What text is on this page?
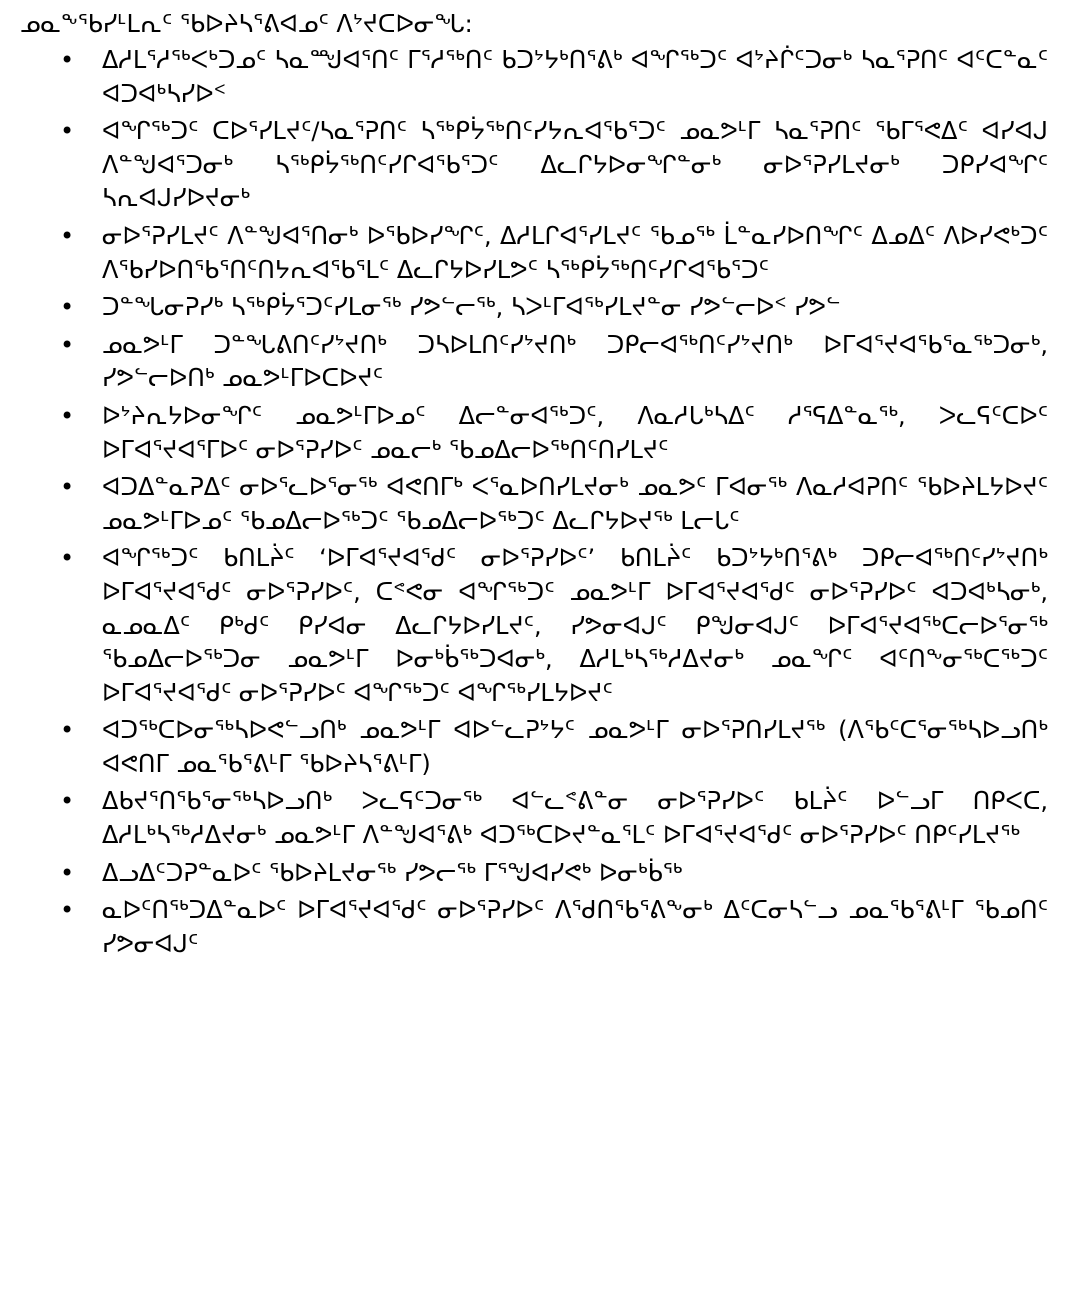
ᓄᓇᖕᖃᓯᒻᒪᕆᑦ ᖃᐅᔨᓴᕐᕕᐊᓄᑦ ᐱᔾᔪᑕᐅᓂᖓ:
• ᐃᓱᒪᕐᓱᖅᐸᒃᑐᓄᑦ ᓴᓇᙳᐊᕐᑎᑦ ᒥᕐᓱᖅᑎᑦ ᑲᑐᔾᔭᒃᑎᕐᕕᒃ ᐊᖏᖅᑐᑦ ᐊᔾᔨᒌᑦᑐᓂᒃ ᓴᓇᕐᕈᑎᑦ ᐊᑦᑕᓐᓇᑦ ᐊᑐᐊᒃᓴᓯᐅᑉ
• ᐊᖏᖅᑐᑦ ᑕᐅᕐᓯᒪᔪᑦ/ᓴᓇᕐᕈᑎᑦ ᓴᖅᑭᔮᖅᑎᑦᓯᔭᕆᐊᖃᕐᑐᑦ ᓄᓇᕗᒻᒥ ᓴᓇᕐᕈᑎᑦ ᖃᒥᕐᕙᐃᑦ ᐊᓯᐊᒍ ᐱᓐᖑᐊᕐᑐᓂᒃ ᓴᖅᑭᔮᖅᑎᑦᓯᒋᐊᖃᕐᑐᑦ ᐃᓚᒋᔭᐅᓂᖏᓐᓂᒃ ᓂᐅᕐᕈᓯᒪᔪᓂᒃ ᑐᑭᓯᐊᖏᑦ ᓴᕆᐊᒍᓯᐅᔪᓂᒃ
• ᓂᐅᕐᕈᓯᒪᔪᑦ ᐱᓐᖑᐊᕐᑎᓂᒃ ᐅᖃᐅᓯᖏᑦ, ᐃᓱᒪᒋᐊᕐᓯᒪᔪᑦ ᖃᓄᖅ ᒫᓐᓇᓯᐅᑎᖏᑦ ᐃᓄᐃᑦ ᐱᐅᓯᕙᒃᑐᑦ ᐱᖃᓯᐅᑎᖃᕐᑎᑦᑎᔭᕆᐊᖃᕐᒪᑦ ᐃᓚᒋᔭᐅᓯᒪᕗᑦ ᓴᖅᑭᔮᖅᑎᑦᓯᒋᐊᖃᕐᑐᑦ
• ᑐᓐᖓᓂᕈᓯᒃ ᓴᖅᑭᔮᕐᑐᑦᓯᒪᓂᖅ ᓯᕗᓪᓕᖅ, ᓴᐳᒻᒥᐊᖅᓯᒪᔪᓐᓂ ᓯᕗᓪᓕᐅᑉ ᓯᕗᓪ
• ᓄᓇᕗᒻᒥ ᑐᓐᖓᕕᑎᑦᓯᔾᔪᑎᒃ ᑐᓴᐅᒪᑎᑦᓯᔾᔪᑎᒃ ᑐᑭᓕᐊᖅᑎᑦᓯᔾᔪᑎᒃ ᐅᒥᐊᕐᔪᐊᖃᕐᓇᖅᑐᓂᒃ, ᓯᕗᓪᓕᐅᑎᒃ ᓄᓇᕗᒻᒥᐅᑕᐅᔪᑦ
• ᐅᔾᔨᕆᔭᐅᓂᖏᑦ ᓄᓇᕗᒻᒥᐅᓄᑦ ᐃᓕᓐᓂᐊᖅᑐᑦ, ᐱᓇᓱᒐᒃᓴᐃᑦ ᓱᕐᕋᐃᓐᓇᖅ, ᐳᓚᕋᑦᑕᐅᑦ ᐅᒥᐊᕐᔪᐊᕐᒥᐅᑦ ᓂᐅᕐᕈᓯᐅᑦ ᓄᓇᓕᒃ ᖃᓄᐃᓕᐅᖅᑎᑦᑎᓯᒪᔪᑦ
• ᐊᑐᐃᓐᓇᕈᐃᑦ ᓂᐅᕐᓚᐅᕐᓂᖅ ᐊᕙᑎᒥᒃ ᐸᕐᓇᐅᑎᓯᒪᔪᓂᒃ ᓄᓇᕗᑦ ᒥᐊᓂᖅ ᐱᓇᓱᐊᕈᑎᑦ ᖃᐅᔨᒪᔭᐅᔪᑦ ᓄᓇᕗᒻᒥᐅᓄᑦ ᖃᓄᐃᓕᐅᖅᑐᑦ ᖃᓄᐃᓕᐅᖅᑐᑦ ᐃᓚᒋᔭᐅᔪᖅ ᒪᓕᒐᑦ
• ᐊᖏᖅᑐᑦ ᑲᑎᒪᔩᑦ ‘ᐅᒥᐊᕐᔪᐊᖁᑦ ᓂᐅᕐᕈᓯᐅᑦ’ ᑲᑎᒪᔩᑦ ᑲᑐᔾᔭᒃᑎᕐᕕᒃ ᑐᑭᓕᐊᖅᑎᑦᓯᔾᔪᑎᒃ ᐅᒥᐊᕐᔪᐊᖁᑦ ᓂᐅᕐᕈᓯᐅᑦ, ᑕᕝᕙᓂ ᐊᖏᖅᑐᑦ ᓄᓇᕗᒻᒥ ᐅᒥᐊᕐᔪᐊᖁᑦ ᓂᐅᕐᕈᓯᐅᑦ ᐊᑐᐊᒃᓴᓂᒃ, ᓇᓄᓇᐃᑦ ᑭᒃᑯᑦ ᑭᓯᐊᓂ ᐃᓚᒋᔭᐅᓯᒪᔪᑦ, ᓯᕗᓂᐊᒍᑦ ᑭᖑᓂᐊᒍᑦ ᐅᒥᐊᕐᔪᐊᖅᑕᓕᐅᕐᓂᖅ ᖃᓄᐃᓕᐅᖅᑐᓂ ᓄᓇᕗᒻᒥ ᐅᓂᒃᑳᖅᑐᐊᓂᒃ, ᐃᓱᒪᒃᓴᖅᓱᐃᔪᓂᒃ ᓄᓇᖏᑦ ᐊᑦᑎᖕᓂᖅᑕᖅᑐᑦ ᐅᒥᐊᕐᔪᐊᖁᑦ ᓂᐅᕐᕈᓯᐅᑦ ᐊᖏᖅᑐᑦ ᐊᖏᖅᓯᒪᔭᐅᔪᑦ
• ᐊᑐᖅᑕᐅᓂᖅᓴᐅᕙᓪᓗᑎᒃ ᓄᓇᕗᒻᒥ ᐊᐅᓪᓚᕈᔾᔭᑦ ᓄᓇᕗᒻᒥ ᓂᐅᕐᕈᑎᓯᒪᔪᖅ (ᐱᖃᑦᑕᕐᓂᖅᓴᐅᓗᑎᒃ ᐊᕙᑎᒥ ᓄᓇᖃᕐᕕᒻᒥ ᖃᐅᔨᓴᕐᕕᒻᒥ)
• ᐃᑲᔪᕐᑎᖃᕐᓂᖅᓴᐅᓗᑎᒃ ᐳᓚᕋᑦᑐᓂᖅ ᐊᓪᓚᕝᕕᓐᓂ ᓂᐅᕐᕈᓯᐅᑦ ᑲᒪᔩᑦ ᐅᓪᓗᒥ ᑎᑭᐸᑕ, ᐃᓱᒪᒃᓴᖅᓱᐃᔪᓂᒃ ᓄᓇᕗᒻᒥ ᐱᓐᖑᐊᕐᕕᒃ ᐊᑐᖅᑕᐅᔪᓐᓇᕐᒪᑦ ᐅᒥᐊᕐᔪᐊᖁᑦ ᓂᐅᕐᕈᓯᐅᑦ ᑎᑭᑦᓯᒪᔪᖅ
• ᐃᓗᐃᑦᑐᕈᓐᓇᐅᑦ ᖃᐅᔨᒪᔪᓂᖅ ᓯᕗᓕᖅ ᒥᕐᖑᐊᓯᕙᒃ ᐅᓂᒃᑳᖅ
• ᓇᐅᑦᑎᖅᑐᐃᓐᓇᐅᑦ ᐅᒥᐊᕐᔪᐊᖁᑦ ᓂᐅᕐᕈᓯᐅᑦ ᐱᖁᑎᖃᕐᕕᖕᓂᒃ ᐃᑦᑕᓂᓴᓪᓗ ᓄᓇᖃᕐᕕᒻᒥ ᖃᓄᑎᑦ ᓯᕗᓂᐊᒍᑦ
